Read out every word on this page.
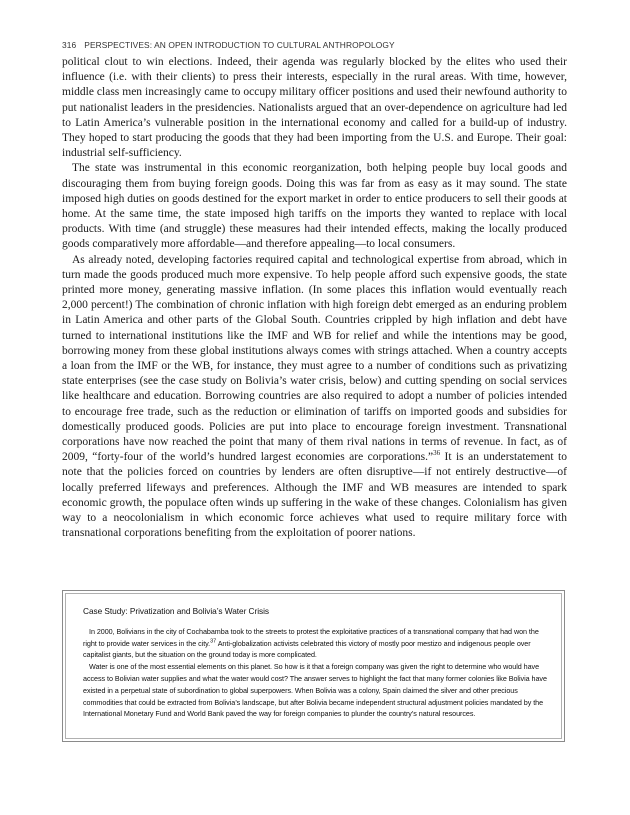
316 PERSPECTIVES: AN OPEN INTRODUCTION TO CULTURAL ANTHROPOLOGY

political clout to win elections. Indeed, their agenda was regularly blocked by the elites who used their influence (i.e. with their clients) to press their interests, especially in the rural areas. With time, however, middle class men increasingly came to occupy military officer positions and used their newfound authority to put nationalist leaders in the presidencies. Nationalists argued that an over-dependence on agriculture had led to Latin America’s vulnerable position in the international economy and called for a build-up of industry. They hoped to start producing the goods that they had been importing from the U.S. and Europe. Their goal: industrial self-sufficiency.

The state was instrumental in this economic reorganization, both helping people buy local goods and discouraging them from buying foreign goods. Doing this was far from as easy as it may sound. The state imposed high duties on goods destined for the export market in order to entice producers to sell their goods at home. At the same time, the state imposed high tariffs on the imports they wanted to replace with local products. With time (and struggle) these measures had their intended effects, making the locally produced goods comparatively more affordable—and therefore appealing—to local consumers.

As already noted, developing factories required capital and technological expertise from abroad, which in turn made the goods produced much more expensive. To help people afford such expensive goods, the state printed more money, generating massive inflation. (In some places this inflation would eventually reach 2,000 percent!) The combination of chronic inflation with high foreign debt emerged as an enduring problem in Latin America and other parts of the Global South. Countries crippled by high inflation and debt have turned to international institutions like the IMF and WB for relief and while the intentions may be good, borrowing money from these global institutions always comes with strings attached. When a country accepts a loan from the IMF or the WB, for instance, they must agree to a number of conditions such as privatizing state enterprises (see the case study on Bolivia’s water crisis, below) and cutting spending on social services like healthcare and education. Borrowing countries are also required to adopt a number of policies intended to encourage free trade, such as the reduction or elimination of tariffs on imported goods and subsidies for domestically produced goods. Policies are put into place to encourage foreign investment. Transnational corporations have now reached the point that many of them rival nations in terms of revenue. In fact, as of 2009, “forty-four of the world’s hundred largest economies are corporations.”$^{36}$ It is an understatement to note that the policies forced on countries by lenders are often disruptive—if not entirely destructive—of locally preferred lifeways and preferences. Although the IMF and WB measures are intended to spark economic growth, the populace often winds up suffering in the wake of these changes. Colonialism has given way to a neocolonialism in which economic force achieves what used to require military force with transnational corporations benefiting from the exploitation of poorer nations.

Case Study: Privatization and Bolivia’s Water Crisis

In 2000, Bolivians in the city of Cochabamba took to the streets to protest the exploitative practices of a transnational company that had won the right to provide water services in the city.$^{37}$ Anti-globalization activists celebrated this victory of mostly poor mestizo and indigenous people over capitalist giants, but the situation on the ground today is more complicated.

Water is one of the most essential elements on this planet. So how is it that a foreign company was given the right to determine who would have access to Bolivian water supplies and what the water would cost? The answer serves to highlight the fact that many former colonies like Bolivia have existed in a perpetual state of subordination to global superpowers. When Bolivia was a colony, Spain claimed the silver and other precious commodities that could be extracted from Bolivia’s landscape, but after Bolivia became independent structural adjustment policies mandated by the International Monetary Fund and World Bank paved the way for foreign companies to plunder the country’s natural resources.
